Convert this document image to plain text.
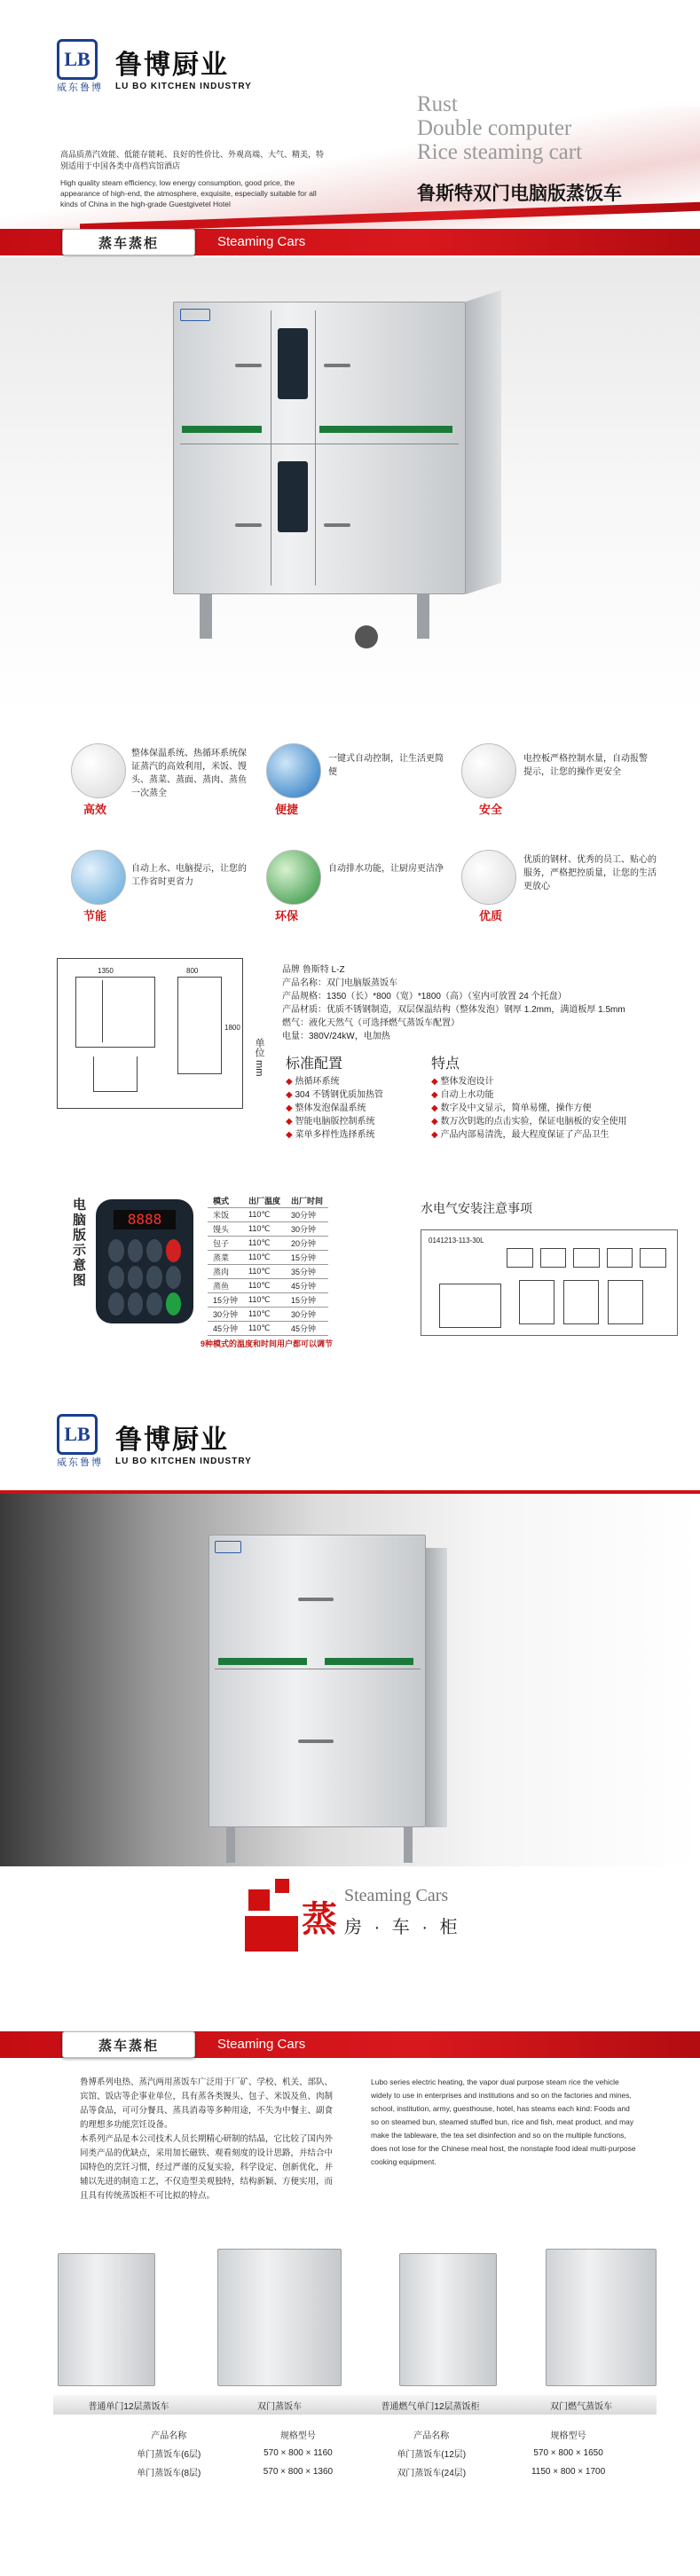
LB
威东鲁博
鲁博厨业
LU BO KITCHEN INDUSTRY
Rust
Double computer
Rice steaming cart
鲁斯特双门电脑版蒸饭车
高品质蒸汽效能、低能存能耗、良好的性价比、外观高端、大气、精美，特别适用于中国各类中高档宾馆酒店
High quality steam efficiency, low energy consumption, good price, the appearance of high-end, the atmosphere, exquisite, especially suitable for all kinds of China in the high-grade Guestgivetel Hotel
蒸车蒸柜	Steaming Cars
高效
整体保温系统、热循环系统保证蒸汽的高效利用，米饭、馒头、蒸菜、蒸面、蒸肉、蒸鱼一次蒸全
便捷
一键式自动控制，让生活更简便
安全
电控板严格控制水量，自动报警提示，让您的操作更安全
节能
自动上水、电脑提示，让您的工作省时更省力
环保
自动排水功能，让厨房更洁净
优质
优质的钢材、优秀的员工、贴心的服务，严格把控质量，让您的生活更放心
1350	800
1800
单位 mm
品牌 鲁斯特 L-Z
产品名称：双门电脑版蒸饭车
产品规格：1350（长）*800（宽）*1800（高）（室内可放置 24 个托盘）
产品材质：优质不锈钢制造，双层保温结构（整体发泡）钢厚 1.2mm，满道板厚 1.5mm
燃气：液化天然气（可选择燃气蒸饭车配置）
电量：380V/24kW，电加热
标准配置
◆ 热循环系统
◆ 304 不锈钢优质加热管
◆ 整体发泡保温系统
◆ 智能电脑版控制系统
◆ 菜单多样性选择系统
特点
◆ 整体发泡设计
◆ 自动上水功能
◆ 数字及中文显示，简单易懂，操作方便
◆ 数万次钥匙的点击实验，保证电脑板的安全使用
◆ 产品内部易清洗，最大程度保证了产品卫生
电脑版示意图	8888
模式	出厂温度	出厂时间
米饭	110℃	30分钟
馒头	110℃	30分钟
包子	110℃	20分钟
蒸菜	110℃	15分钟
蒸肉	110℃	35分钟
蒸鱼	110℃	45分钟
15分钟	110℃	15分钟
30分钟	110℃	30分钟
45分钟	110℃	45分钟
9种模式的温度和时间用户都可以调节
水电气安装注意事项
0141213-113-30L
LB
威东鲁博
鲁博厨业
LU BO KITCHEN INDUSTRY
蒸
Steaming Cars
房 · 车 · 柜
蒸车蒸柜	Steaming Cars
鲁博系列电热、蒸汽两用蒸饭车广泛用于厂矿、学校、机关、部队、宾馆、饭店等企事业单位，具有蒸各类馒头、包子、米饭及鱼、肉制品等食品，可可分餐具、蒸具消毒等多种用途，不失为中餐主、副食的理想多功能烹饪设备。
本系列产品是本公司技术人员长期精心研制的结晶，它比较了国内外同类产品的优缺点，采用加长磁铁、观看刻度的设计思路，并结合中国特色的烹饪习惯，经过严谨的反复实验，科学设定、创新优化，并辅以先进的制造工艺，不仅造型美观独特，结构新颖、方便实用，而且具有传统蒸饭柜不可比拟的特点。
Lubo series electric heating, the vapor dual purpose steam rice the vehicle widely to use in enterprises and institutions and so on the factories and mines, school, institution, army, guesthouse, hotel, has steams each kind: Foods and so on steamed bun, steamed stuffed bun, rice and fish, meat product, and may make the tableware, the tea set disinfection and so on the multiple functions, does not lose for the Chinese meal host, the nonstaple food ideal multi-purpose cooking equipment.
普通单门12层蒸饭车	双门蒸饭车	普通燃气单门12层蒸饭柜	双门燃气蒸饭车
产品名称	规格型号	产品名称	规格型号
单门蒸饭车(6层)	570 × 800 × 1160	单门蒸饭车(12层)	570 × 800 × 1650
单门蒸饭车(8层)	570 × 800 × 1360	双门蒸饭车(24层)	1150 × 800 × 1700
